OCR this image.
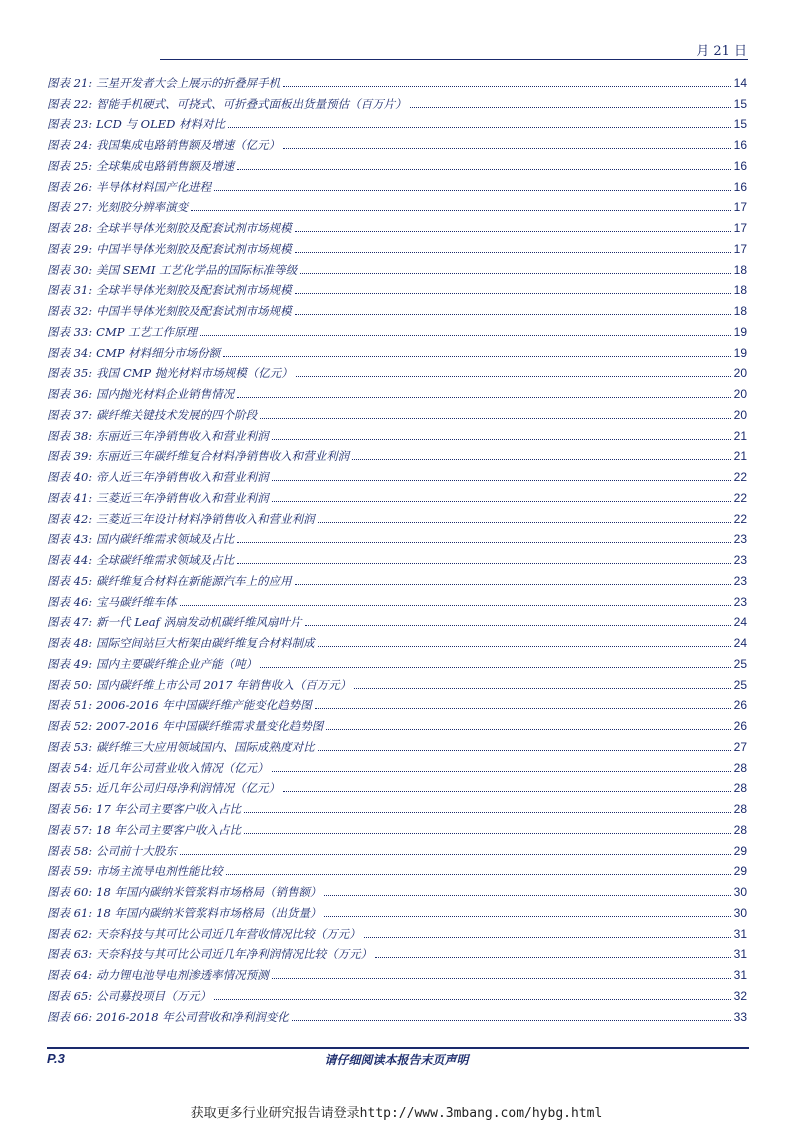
月 21 日
图表 21: 三星开发者大会上展示的折叠屏手机	14
图表 22: 智能手机硬式、可挠式、可折叠式面板出货量预估（百万片）	15
图表 23: LCD 与 OLED 材料对比	15
图表 24: 我国集成电路销售额及增速（亿元）	16
图表 25: 全球集成电路销售额及增速	16
图表 26: 半导体材料国产化进程	16
图表 27: 光刻胶分辨率演变	17
图表 28: 全球半导体光刻胶及配套试剂市场规模	17
图表 29: 中国半导体光刻胶及配套试剂市场规模	17
图表 30: 美国 SEMI 工艺化学品的国际标准等级	18
图表 31: 全球半导体光刻胶及配套试剂市场规模	18
图表 32: 中国半导体光刻胶及配套试剂市场规模	18
图表 33: CMP 工艺工作原理	19
图表 34: CMP 材料细分市场份额	19
图表 35: 我国 CMP 抛光材料市场规模（亿元）	20
图表 36: 国内抛光材料企业销售情况	20
图表 37: 碳纤维关键技术发展的四个阶段	20
图表 38: 东丽近三年净销售收入和营业利润	21
图表 39: 东丽近三年碳纤维复合材料净销售收入和营业利润	21
图表 40: 帝人近三年净销售收入和营业利润	22
图表 41: 三菱近三年净销售收入和营业利润	22
图表 42: 三菱近三年设计材料净销售收入和营业利润	22
图表 43: 国内碳纤维需求领域及占比	23
图表 44: 全球碳纤维需求领域及占比	23
图表 45: 碳纤维复合材料在新能源汽车上的应用	23
图表 46: 宝马碳纤维车体	23
图表 47: 新一代 Leaf 涡扇发动机碳纤维风扇叶片	24
图表 48: 国际空间站巨大桁架由碳纤维复合材料制成	24
图表 49: 国内主要碳纤维企业产能（吨）	25
图表 50: 国内碳纤维上市公司 2017 年销售收入（百万元）	25
图表 51: 2006-2016 年中国碳纤维产能变化趋势图	26
图表 52: 2007-2016 年中国碳纤维需求量变化趋势图	26
图表 53: 碳纤维三大应用领域国内、国际成熟度对比	27
图表 54: 近几年公司营业收入情况（亿元）	28
图表 55: 近几年公司归母净利润情况（亿元）	28
图表 56: 17 年公司主要客户收入占比	28
图表 57: 18 年公司主要客户收入占比	28
图表 58: 公司前十大股东	29
图表 59: 市场主流导电剂性能比较	29
图表 60: 18 年国内碳纳米管浆料市场格局（销售额）	30
图表 61: 18 年国内碳纳米管浆料市场格局（出货量）	30
图表 62: 天奈科技与其可比公司近几年营收情况比较（万元）	31
图表 63: 天奈科技与其可比公司近几年净利润情况比较（万元）	31
图表 64: 动力锂电池导电剂渗透率情况预测	31
图表 65: 公司募投项目（万元）	32
图表 66: 2016-2018 年公司营收和净利润变化	33
P.3	请仔细阅读本报告末页声明
获取更多行业研究报告请登录http://www.3mbang.com/hybg.html
